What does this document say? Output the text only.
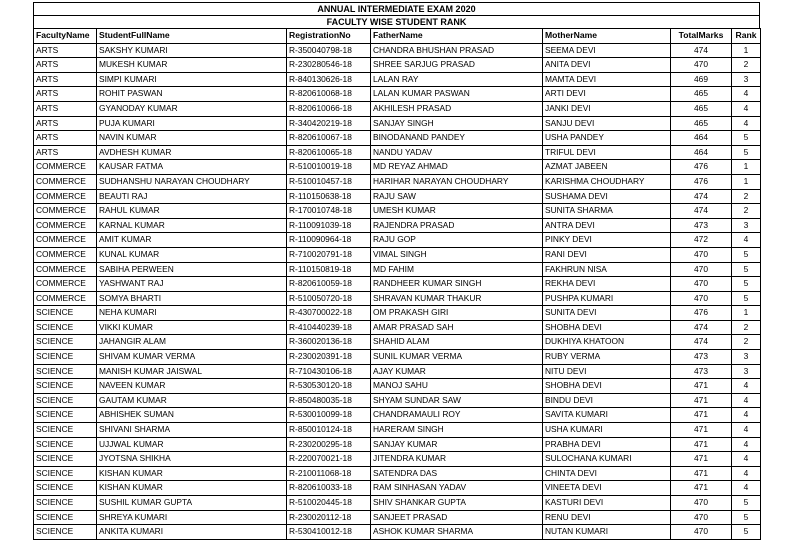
ANNUAL INTERMEDIATE EXAM 2020
FACULTY WISE STUDENT RANK
FacultyName	StudentFullName	RegistrationNo	FatherName	MotherName	TotalMarks	Rank
ARTS	SAKSHY KUMARI	R-350040798-18	CHANDRA BHUSHAN PRASAD	SEEMA DEVI	474	1
ARTS	MUKESH KUMAR	R-230280546-18	SHREE SARJUG PRASAD	ANITA DEVI	470	2
ARTS	SIMPI KUMARI	R-840130626-18	LALAN RAY	MAMTA DEVI	469	3
ARTS	ROHIT PASWAN	R-820610068-18	LALAN KUMAR PASWAN	ARTI DEVI	465	4
ARTS	GYANODAY KUMAR	R-820610066-18	AKHILESH PRASAD	JANKI DEVI	465	4
ARTS	PUJA KUMARI	R-340420219-18	SANJAY SINGH	SANJU DEVI	465	4
ARTS	NAVIN KUMAR	R-820610067-18	BINODANAND PANDEY	USHA PANDEY	464	5
ARTS	AVDHESH KUMAR	R-820610065-18	NANDU YADAV	TRIFUL DEVI	464	5
COMMERCE	KAUSAR FATMA	R-510010019-18	MD REYAZ AHMAD	AZMAT JABEEN	476	1
COMMERCE	SUDHANSHU NARAYAN CHOUDHARY	R-510010457-18	HARIHAR NARAYAN CHOUDHARY	KARISHMA CHOUDHARY	476	1
COMMERCE	BEAUTI RAJ	R-110150638-18	RAJU SAW	SUSHAMA DEVI	474	2
COMMERCE	RAHUL KUMAR	R-170010748-18	UMESH KUMAR	SUNITA SHARMA	474	2
COMMERCE	KARNAL KUMAR	R-110091039-18	RAJENDRA PRASAD	ANTRA DEVI	473	3
COMMERCE	AMIT KUMAR	R-110090964-18	RAJU GOP	PINKY DEVI	472	4
COMMERCE	KUNAL KUMAR	R-710020791-18	VIMAL SINGH	RANI DEVI	470	5
COMMERCE	SABIHA PERWEEN	R-110150819-18	MD FAHIM	FAKHRUN NISA	470	5
COMMERCE	YASHWANT RAJ	R-820610059-18	RANDHEER KUMAR SINGH	REKHA DEVI	470	5
COMMERCE	SOMYA BHARTI	R-510050720-18	SHRAVAN KUMAR THAKUR	PUSHPA KUMARI	470	5
SCIENCE	NEHA KUMARI	R-430700022-18	OM PRAKASH GIRI	SUNITA DEVI	476	1
SCIENCE	VIKKI KUMAR	R-410440239-18	AMAR PRASAD SAH	SHOBHA DEVI	474	2
SCIENCE	JAHANGIR ALAM	R-360020136-18	SHAHID ALAM	DUKHIYA KHATOON	474	2
SCIENCE	SHIVAM KUMAR VERMA	R-230020391-18	SUNIL KUMAR VERMA	RUBY VERMA	473	3
SCIENCE	MANISH KUMAR JAISWAL	R-710430106-18	AJAY KUMAR	NITU DEVI	473	3
SCIENCE	NAVEEN KUMAR	R-530530120-18	MANOJ SAHU	SHOBHA DEVI	471	4
SCIENCE	GAUTAM KUMAR	R-850480035-18	SHYAM SUNDAR SAW	BINDU DEVI	471	4
SCIENCE	ABHISHEK SUMAN	R-530010099-18	CHANDRAMAULI ROY	SAVITA KUMARI	471	4
SCIENCE	SHIVANI SHARMA	R-850010124-18	HARERAM SINGH	USHA KUMARI	471	4
SCIENCE	UJJWAL KUMAR	R-230200295-18	SANJAY KUMAR	PRABHA DEVI	471	4
SCIENCE	JYOTSNA SHIKHA	R-220070021-18	JITENDRA KUMAR	SULOCHANA KUMARI	471	4
SCIENCE	KISHAN KUMAR	R-210011068-18	SATENDRA DAS	CHINTA DEVI	471	4
SCIENCE	KISHAN KUMAR	R-820610033-18	RAM SINHASAN YADAV	VINEETA DEVI	471	4
SCIENCE	SUSHIL KUMAR GUPTA	R-510020445-18	SHIV SHANKAR GUPTA	KASTURI DEVI	470	5
SCIENCE	SHREYA KUMARI	R-230020112-18	SANJEET PRASAD	RENU DEVI	470	5
SCIENCE	ANKITA KUMARI	R-530410012-18	ASHOK KUMAR SHARMA	NUTAN KUMARI	470	5
